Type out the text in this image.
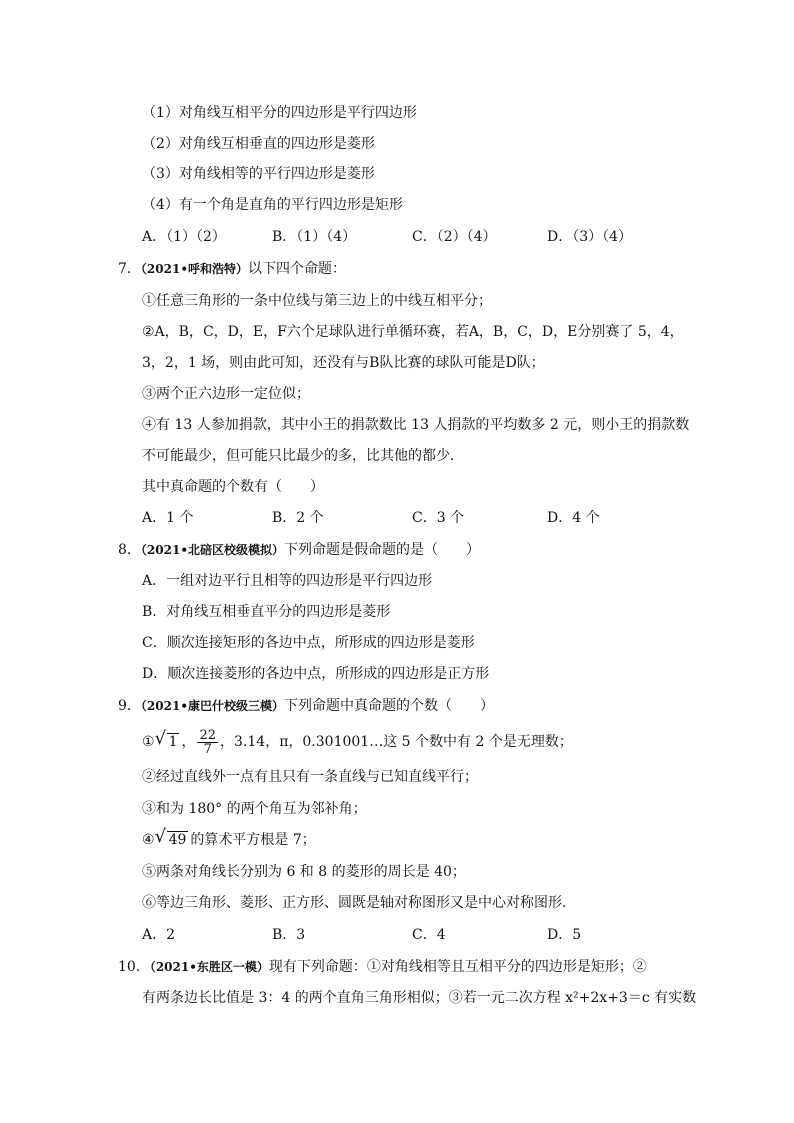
（1）对角线互相平分的四边形是平行四边形
（2）对角线互相垂直的四边形是菱形
（3）对角线相等的平行四边形是菱形
（4）有一个角是直角的平行四边形是矩形
A．（1）（2）	B．（1）（4）	C．（2）（4）	D．（3）（4）
7．（2021•呼和浩特）以下四个命题：
①任意三角形的一条中位线与第三边上的中线互相平分；
②A，B，C，D，E，F六个足球队进行单循环赛，若A，B，C，D，E分别赛了 5，4，
3，2，1 场，则由此可知，还没有与B队比赛的球队可能是D队；
③两个正六边形一定位似；
④有 13 人参加捐款，其中小王的捐款数比 13 人捐款的平均数多 2 元，则小王的捐款数
不可能最少，但可能只比最少的多，比其他的都少．
其中真命题的个数有（　　）
A．1 个	B．2 个	C．3 个	D．4 个
8．（2021•北碚区校级模拟）下列命题是假命题的是（　　）
A．一组对边平行且相等的四边形是平行四边形
B．对角线互相垂直平分的四边形是菱形
C．顺次连接矩形的各边中点，所形成的四边形是菱形
D．顺次连接菱形的各边中点，所形成的四边形是正方形
9．（2021•康巴什校级三模）下列命题中真命题的个数（　　）
① √ 1 ， $\frac{22}{7}$ ，3.14，π，0.301001…这 5 个数中有 2 个是无理数；
②经过直线外一点有且只有一条直线与已知直线平行；
③和为 180° 的两个角互为邻补角；
④ √ 49 的算术平方根是 7；
⑤两条对角线长分别为 6 和 8 的菱形的周长是 40；
⑥等边三角形、菱形、正方形、圆既是轴对称图形又是中心对称图形．
A．2	B．3	C．4	D．5
10．（2021•东胜区一模）现有下列命题：①对角线相等且互相平分的四边形是矩形；②
有两条边长比值是 3：4 的两个直角三角形相似；③若一元二次方程 x²+2x+3＝c 有实数
